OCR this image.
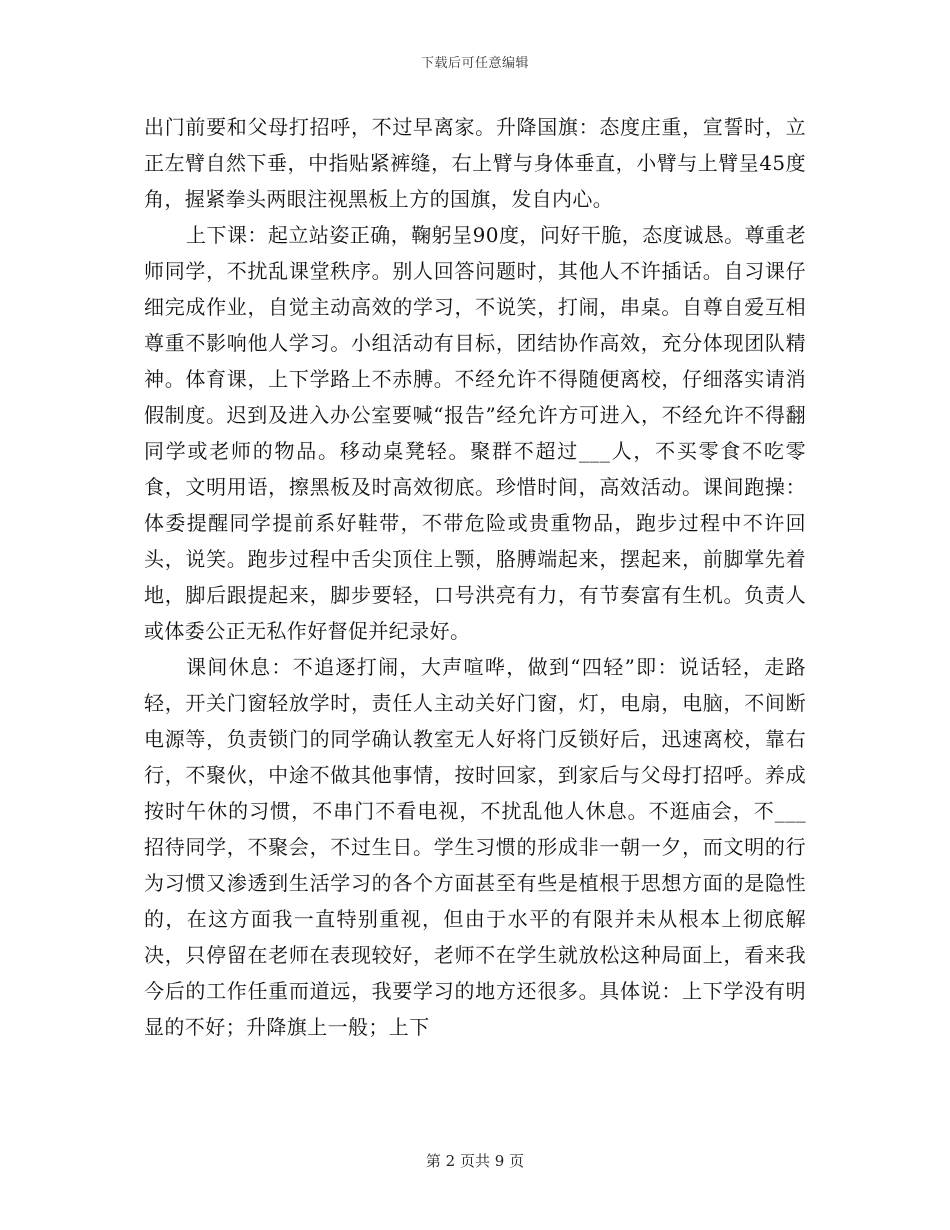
下载后可任意编辑

出门前要和父母打招呼，不过早离家。升降国旗：态度庄重，宣誓时，立正左臂自然下垂，中指贴紧裤缝，右上臂与身体垂直，小臂与上臂呈45度角，握紧拳头两眼注视黑板上方的国旗，发自内心。

上下课：起立站姿正确，鞠躬呈90度，问好干脆，态度诚恳。尊重老师同学，不扰乱课堂秩序。别人回答问题时，其他人不许插话。自习课仔细完成作业，自觉主动高效的学习，不说笑，打闹，串桌。自尊自爱互相尊重不影响他人学习。小组活动有目标，团结协作高效，充分体现团队精神。体育课，上下学路上不赤膊。不经允许不得随便离校，仔细落实请消假制度。迟到及进入办公室要喊“报告”经允许方可进入，不经允许不得翻同学或老师的物品。移动桌凳轻。聚群不超过___人，不买零食不吃零食，文明用语，擦黑板及时高效彻底。珍惜时间，高效活动。课间跑操：体委提醒同学提前系好鞋带，不带危险或贵重物品，跑步过程中不许回头，说笑。跑步过程中舌尖顶住上颚，胳膊端起来，摆起来，前脚掌先着地，脚后跟提起来，脚步要轻，口号洪亮有力，有节奏富有生机。负责人或体委公正无私作好督促并纪录好。

课间休息：不追逐打闹，大声喧哗，做到“四轻”即：说话轻，走路轻，开关门窗轻放学时，责任人主动关好门窗，灯，电扇，电脑，不间断电源等，负责锁门的同学确认教室无人好将门反锁好后，迅速离校，靠右行，不聚伙，中途不做其他事情，按时回家，到家后与父母打招呼。养成按时午休的习惯，不串门不看电视，不扰乱他人休息。不逛庙会，不___招待同学，不聚会，不过生日。学生习惯的形成非一朝一夕，而文明的行为习惯又渗透到生活学习的各个方面甚至有些是植根于思想方面的是隐性的，在这方面我一直特别重视，但由于水平的有限并未从根本上彻底解决，只停留在老师在表现较好，老师不在学生就放松这种局面上，看来我今后的工作任重而道远，我要学习的地方还很多。具体说：上下学没有明显的不好；升降旗上一般；上下

第 2 页共 9 页
